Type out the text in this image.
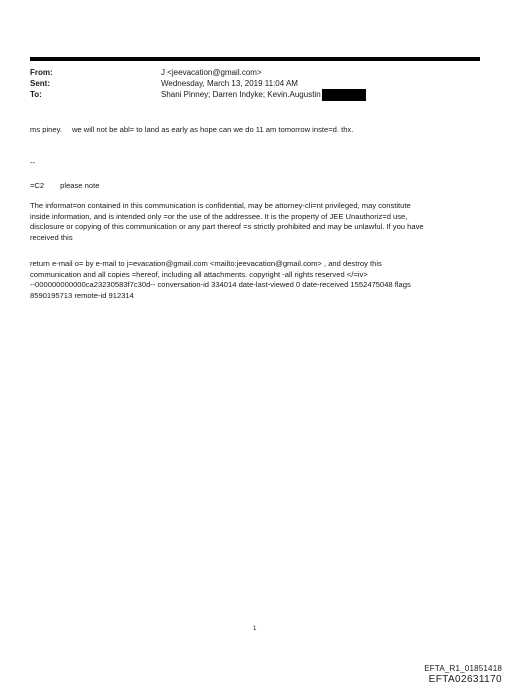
From:	J <jeevacation@gmail.com>
Sent:	Wednesday, March 13, 2019 11:04 AM
To:	Shani Pinney; Darren Indyke; Kevin.Augustin
ms piney. we will not be abl= to land as early as hope can we do 11 am tomorrow inste=d. thx.
--
=C2 please note
The informat=on contained in this communication is confidential, may be attorney-cli=nt privileged, may constitute
inside information, and is intended only =or the use of the addressee. It is the property of JEE Unauthoriz=d use,
disclosure or copying of this communication or any part thereof =s strictly prohibited and may be unlawful. If you have
received this
return e-mail o= by e-mail to j=evacation@gmail.com <mailto:jeevacation@gmail.com> , and destroy this
communication and all copies =hereof, including all attachments. copyright -all rights reserved </=iv>
--000000000000ca23230583f7c30d-- conversation-id 334014 date-last-viewed 0 date-received 1552475048 flags
8590195713 remote-id 912314
1
EFTA_R1_01851418
EFTA02631170
